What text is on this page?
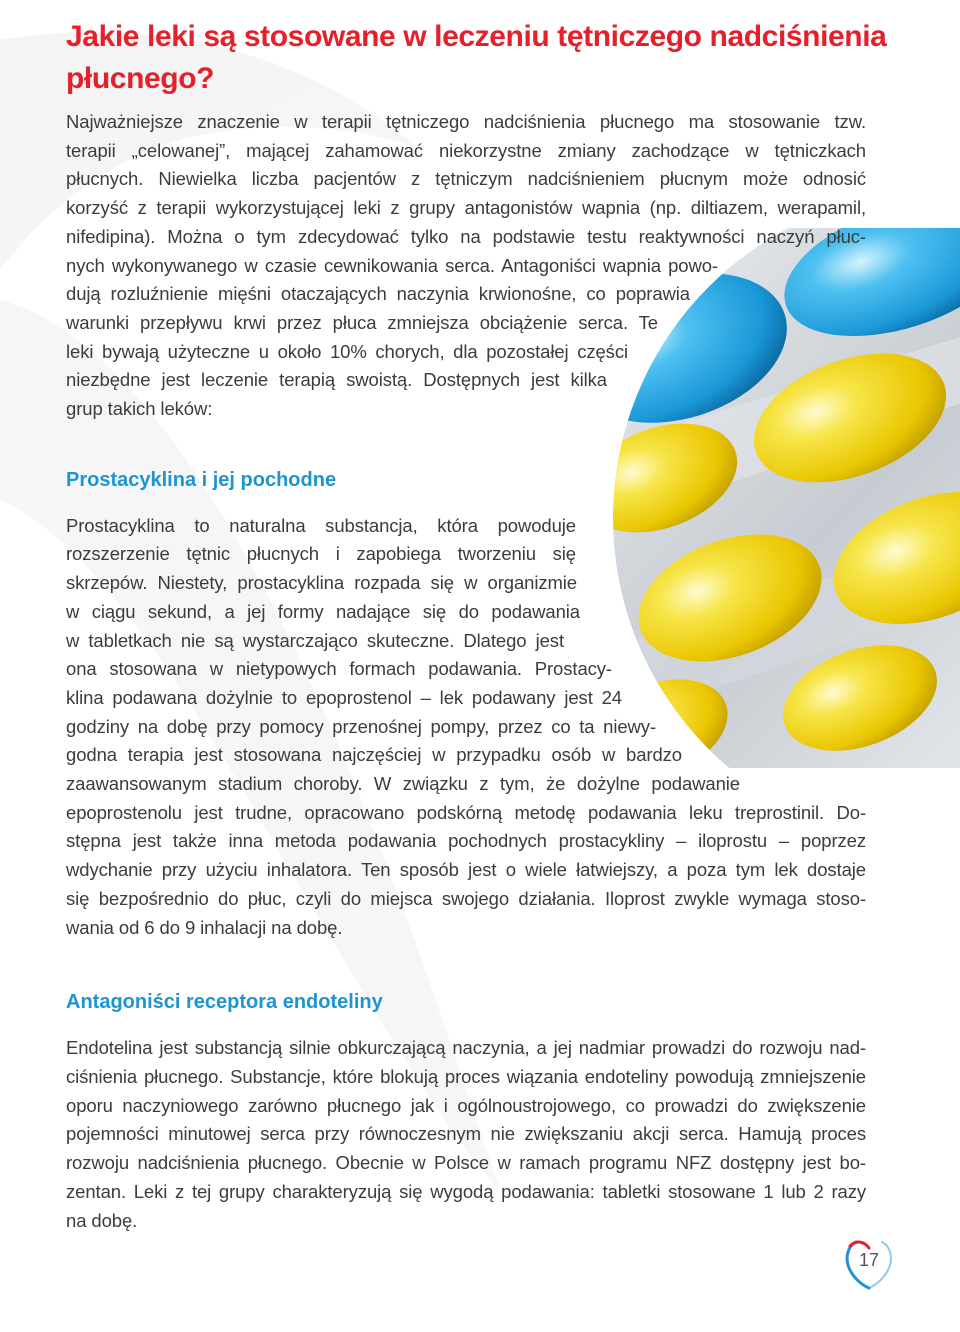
Jakie leki są stosowane w leczeniu tętniczego nadciśnienia
płucnego?

Najważniejsze znaczenie w terapii tętniczego nadciśnienia płucnego ma stosowanie tzw.
terapii „celowanej”, mającej zahamować niekorzystne zmiany zachodzące w tętniczkach
płucnych. Niewielka liczba pacjentów z tętniczym nadciśnieniem płucnym może odnosić
korzyść z terapii wykorzystującej leki z grupy antagonistów wapnia (np. diltiazem, werapamil,
nifedipina). Można o tym zdecydować tylko na podstawie testu reaktywności naczyń płuc-
nych wykonywanego w czasie cewnikowania serca. Antagoniści wapnia powo-
dują rozluźnienie mięśni otaczających naczynia krwionośne, co poprawia
warunki przepływu krwi przez płuca zmniejsza obciążenie serca. Te
leki bywają użyteczne u około 10% chorych, dla pozostałej części
niezbędne jest leczenie terapią swoistą. Dostępnych jest kilka
grup takich leków:

Prostacyklina i jej pochodne

Prostacyklina to naturalna substancja, która powoduje
rozszerzenie tętnic płucnych i zapobiega tworzeniu się
skrzepów. Niestety, prostacyklina rozpada się w organizmie
w ciągu sekund, a jej formy nadające się do podawania
w tabletkach nie są wystarczająco skuteczne. Dlatego jest
ona stosowana w nietypowych formach podawania. Prostacy-
klina podawana dożylnie to epoprostenol – lek podawany jest 24
godziny na dobę przy pomocy przenośnej pompy, przez co ta niewy-
godna terapia jest stosowana najczęściej w przypadku osób w bardzo
zaawansowanym stadium choroby. W związku z tym, że dożylne podawanie
epoprostenolu jest trudne, opracowano podskórną metodę podawania leku treprostinil. Do-
stępna jest także inna metoda podawania pochodnych prostacykliny – iloprostu – poprzez
wdychanie przy użyciu inhalatora. Ten sposób jest o wiele łatwiejszy, a poza tym lek dostaje
się bezpośrednio do płuc, czyli do miejsca swojego działania. Iloprost zwykle wymaga stoso-
wania od 6 do 9 inhalacji na dobę.

Antagoniści receptora endoteliny

Endotelina jest substancją silnie obkurczającą naczynia, a jej nadmiar prowadzi do rozwoju nad-
ciśnienia płucnego. Substancje, które blokują proces wiązania endoteliny powodują zmniejszenie
oporu naczyniowego zarówno płucnego jak i ogólnoustrojowego, co prowadzi do zwiększenie
pojemności minutowej serca przy równoczesnym nie zwiększaniu akcji serca. Hamują proces
rozwoju nadciśnienia płucnego. Obecnie w Polsce w ramach programu NFZ dostępny jest bo-
zentan. Leki z tej grupy charakteryzują się wygodą podawania: tabletki stosowane 1 lub 2 razy
na dobę.

17
